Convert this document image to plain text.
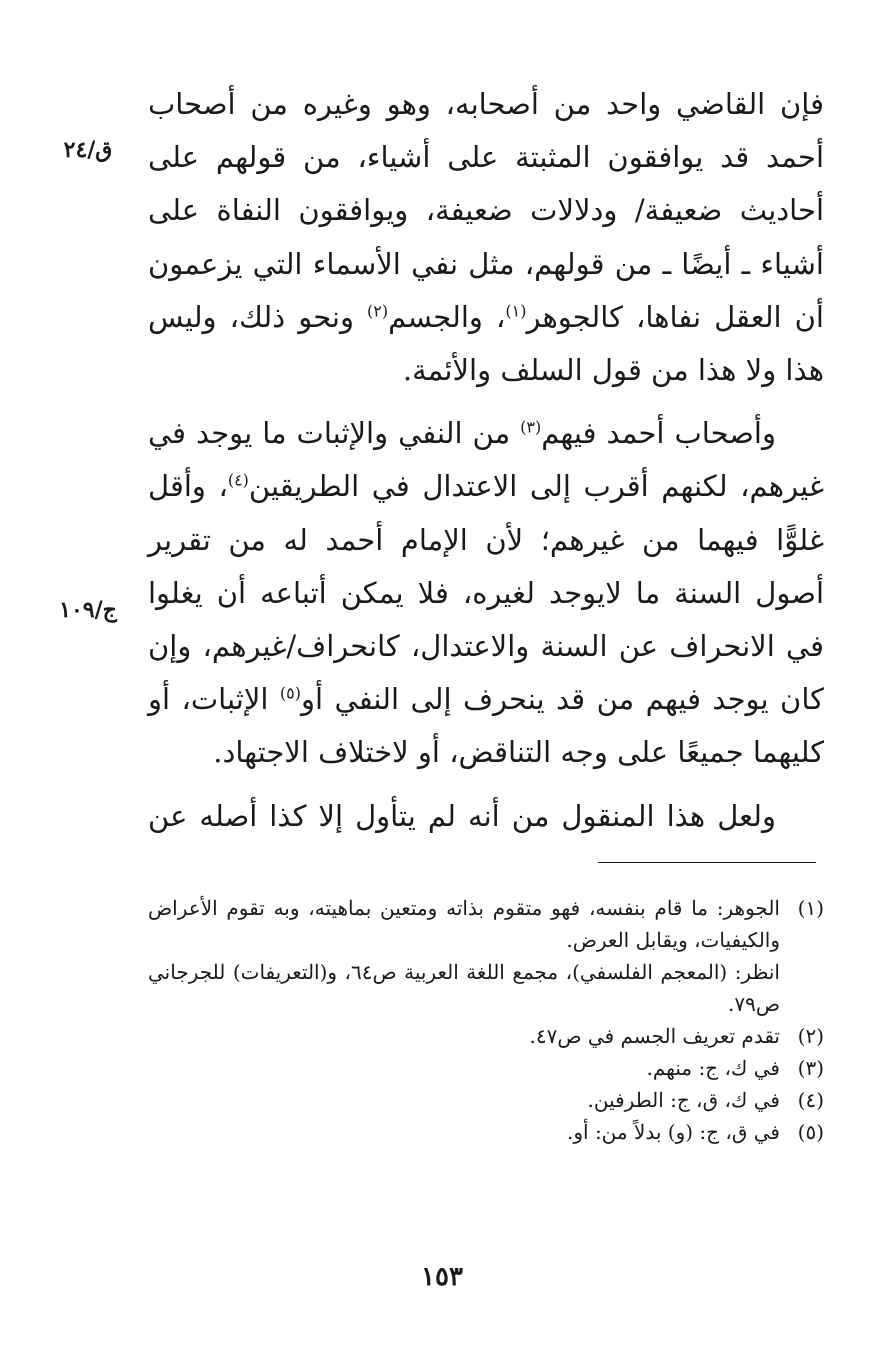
ق/٢٤
ج/١٠٩

فإن القاضي واحد من أصحابه، وهو وغيره من أصحاب أحمد قد يوافقون المثبتة على أشياء، من قولهم على أحاديث ضعيفة/ ودلالات ضعيفة، ويوافقون النفاة على أشياء ـ أيضًا ـ من قولهم، مثل نفي الأسماء التي يزعمون أن العقل نفاها، كالجوهر$^{(١)}$، والجسم$^{(٢)}$ ونحو ذلك، وليس هذا ولا هذا من قول السلف والأئمة.

وأصحاب أحمد فيهم$^{(٣)}$ من النفي والإثبات ما يوجد في غيرهم، لكنهم أقرب إلى الاعتدال في الطريقين$^{(٤)}$، وأقل غلوًّا فيهما من غيرهم؛ لأن الإمام أحمد له من تقرير أصول السنة ما لايوجد لغيره، فلا يمكن أتباعه أن يغلوا في الانحراف عن السنة والاعتدال، كانحراف/غيرهم، وإن كان يوجد فيهم من قد ينحرف إلى النفي أو$^{(٥)}$ الإثبات، أو كليهما جميعًا على وجه التناقض، أو لاختلاف الاجتهاد.

ولعل هذا المنقول من أنه لم يتأول إلا كذا أصله عن

(١)

الجوهر: ما قام بنفسه، فهو متقوم بذاته ومتعين بماهيته، وبه تقوم الأعراض والكيفيات، ويقابل العرض.

انظر: (المعجم الفلسفي)، مجمع اللغة العربية ص٦٤، و(التعريفات) للجرجاني ص٧٩.

(٢)

تقدم تعريف الجسم في ص٤٧.

(٣)

في ك، ج: منهم.

(٤)

في ك، ق، ج: الطرفين.

(٥)

في ق، ج: (و) بدلاً من: أو.

١٥٣
